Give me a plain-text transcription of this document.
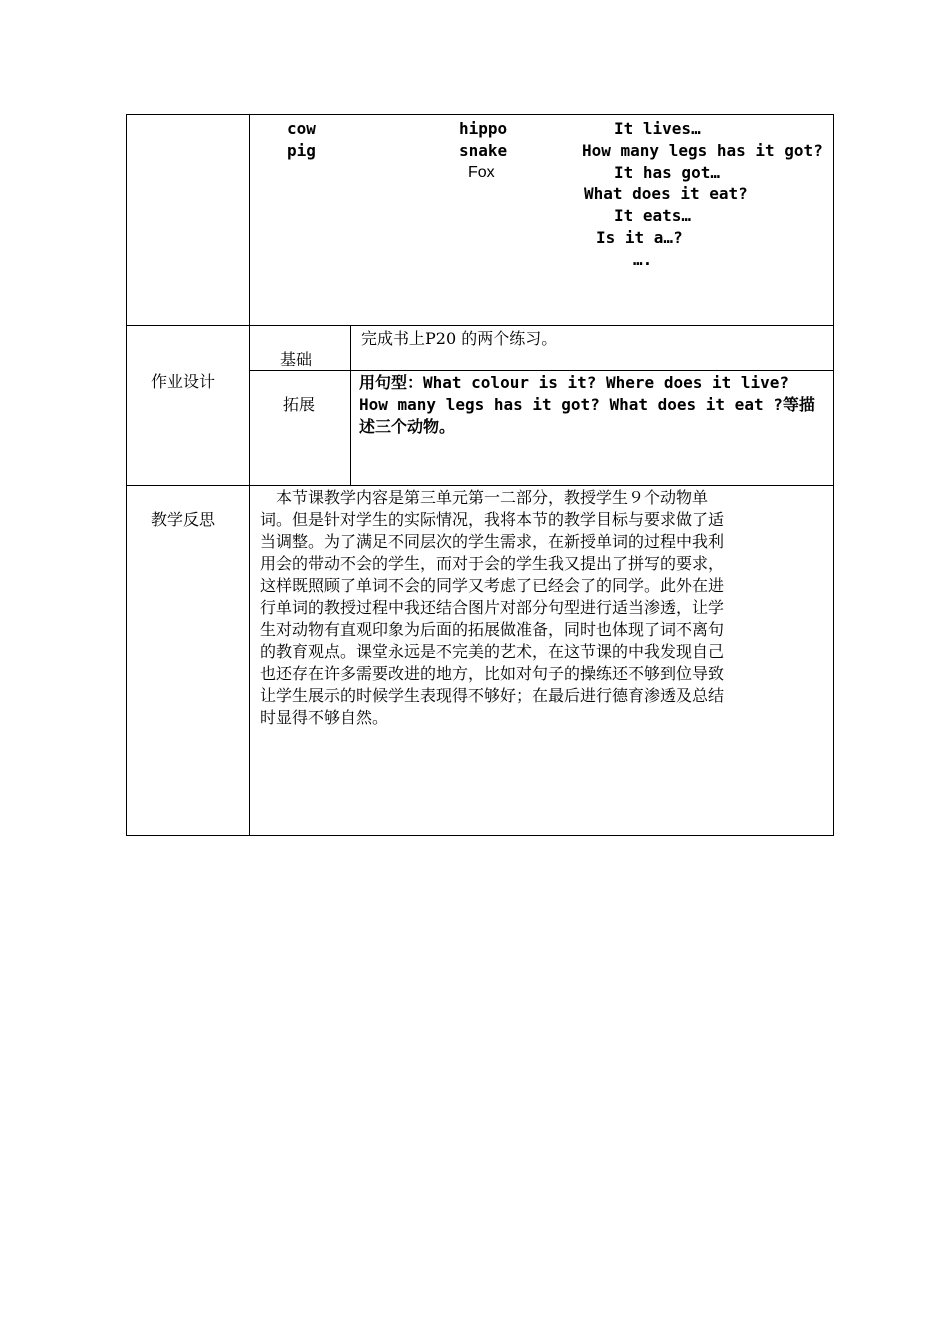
cow
pig
hippo
snake
Fox
It lives…
How many legs has it got?
It has got…
What does it eat?
It eats…
Is it a…?
….
作业设计
基础
完成书上P20 的两个练习。
拓展
用句型：What colour is it? Where does it live?
How many legs has it got? What does it eat ?等描
述三个动物。
教学反思
　本节课教学内容是第三单元第一二部分，教授学生９个动物单
词。但是针对学生的实际情况，我将本节的教学目标与要求做了适
当调整。为了满足不同层次的学生需求，在新授单词的过程中我利
用会的带动不会的学生，而对于会的学生我又提出了拼写的要求，
这样既照顾了单词不会的同学又考虑了已经会了的同学。此外在进
行单词的教授过程中我还结合图片对部分句型进行适当渗透，让学
生对动物有直观印象为后面的拓展做准备，同时也体现了词不离句
的教育观点。课堂永远是不完美的艺术，在这节课的中我发现自己
也还存在许多需要改进的地方，比如对句子的操练还不够到位导致
让学生展示的时候学生表现得不够好；在最后进行德育渗透及总结
时显得不够自然。
